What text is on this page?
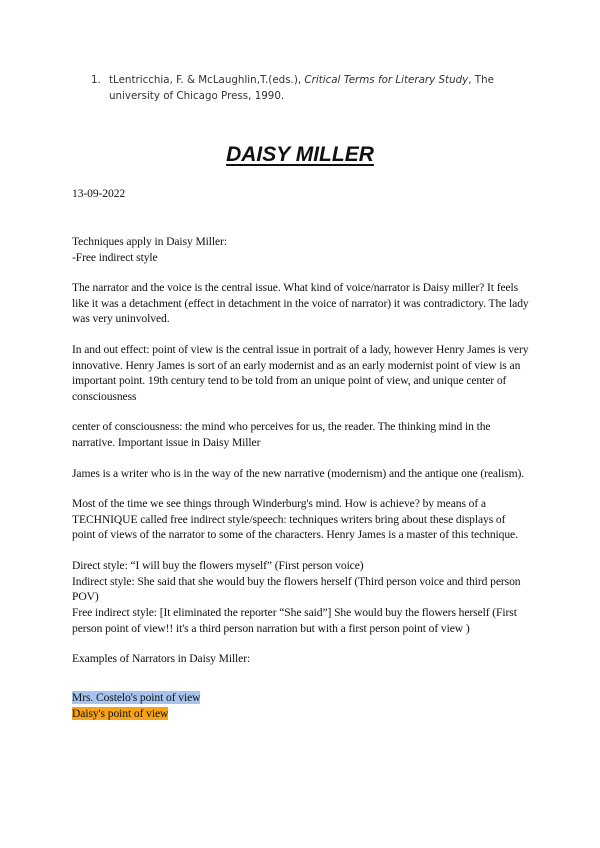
1. tLentricchia, F. & McLaughlin,T.(eds.), Critical Terms for Literary Study, The university of Chicago Press, 1990.
DAISY MILLER

13-09-2022

Techniques apply in Daisy Miller:

-Free indirect style

The narrator and the voice is the central issue. What kind of voice/narrator is Daisy miller? It feels like it was a detachment (effect in detachment in the voice of narrator) it was contradictory. The lady was very uninvolved.

In and out effect: point of view is the central issue in portrait of a lady, however Henry James is very innovative. Henry James is sort of an early modernist and as an early modernist point of view is an important point. 19th century tend to be told from an unique point of view, and unique center of consciousness

center of consciousness: the mind who perceives for us, the reader. The thinking mind in the narrative. Important issue in Daisy Miller

James is a writer who is in the way of the new narrative (modernism) and the antique one (realism).

Most of the time we see things through Winderburg's mind. How is achieve? by means of a TECHNIQUE called free indirect style/speech: techniques writers bring about these displays of point of views of the narrator to some of the characters. Henry James is a master of this technique.

Direct style: “I will buy the flowers myself” (First person voice)

Indirect style: She said that she would buy the flowers herself (Third person voice and third person POV)

Free indirect style: [It eliminated the reporter “She said”] She would buy the flowers herself (First person point of view!! it's a third person narration but with a first person point of view )

Examples of Narrators in Daisy Miller:

Mrs. Costelo's point of view

Daisy's point of view
